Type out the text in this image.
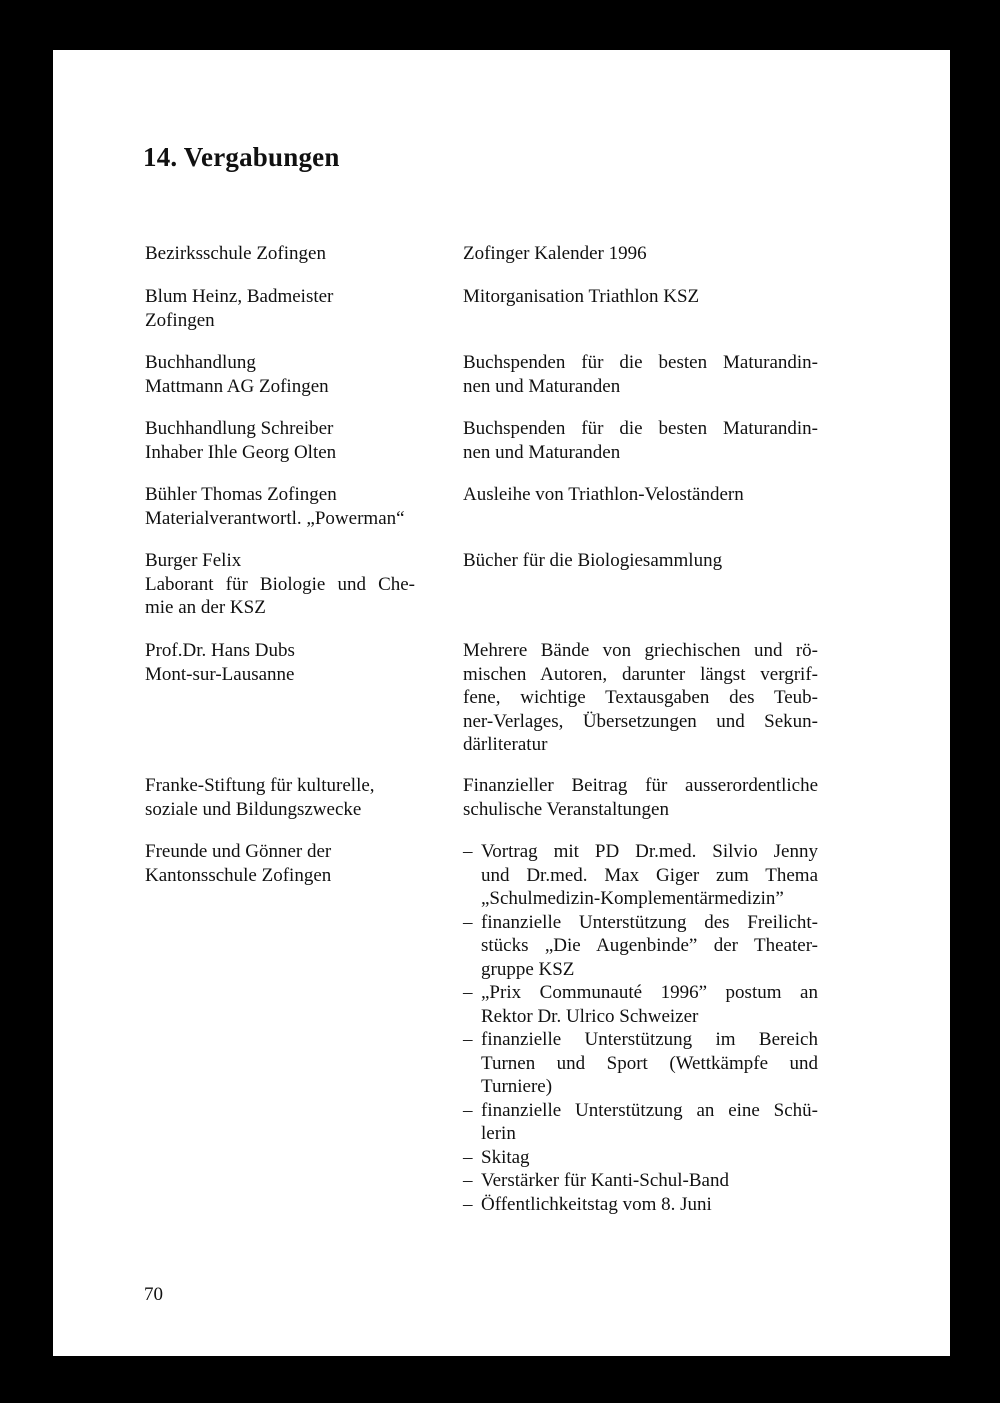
14. Vergabungen
Bezirksschule Zofingen	Zofinger Kalender 1996
Blum Heinz, Badmeister
Zofingen
Mitorganisation Triathlon KSZ
Buchhandlung
Mattmann AG Zofingen
Buchspenden für die besten Maturandin-
nen und Maturanden
Buchhandlung Schreiber
Inhaber Ihle Georg Olten
Buchspenden für die besten Maturandin-
nen und Maturanden
Bühler Thomas Zofingen
Materialverantwortl. „Powerman“
Ausleihe von Triathlon-Veloständern
Burger Felix
Laborant für Biologie und Che-
mie an der KSZ
Bücher für die Biologiesammlung
Prof.Dr. Hans Dubs
Mont-sur-Lausanne
Mehrere Bände von griechischen und rö-
mischen Autoren, darunter längst vergrif-
fene, wichtige Textausgaben des Teub-
ner-Verlages, Übersetzungen und Sekun-
därliteratur
Franke-Stiftung für kulturelle,
soziale und Bildungszwecke
Finanzieller Beitrag für ausserordentliche
schulische Veranstaltungen
Freunde und Gönner der
Kantonsschule Zofingen
– Vortrag mit PD Dr.med. Silvio Jenny
und Dr.med. Max Giger zum Thema
„Schulmedizin-Komplementärmedizin”
– finanzielle Unterstützung des Freilicht-
stücks „Die Augenbinde” der Theater-
gruppe KSZ
– „Prix Communauté 1996” postum an
Rektor Dr. Ulrico Schweizer
– finanzielle Unterstützung im Bereich
Turnen und Sport (Wettkämpfe und
Turniere)
– finanzielle Unterstützung an eine Schü-
lerin
– Skitag
– Verstärker für Kanti-Schul-Band
– Öffentlichkeitstag vom 8. Juni
70
